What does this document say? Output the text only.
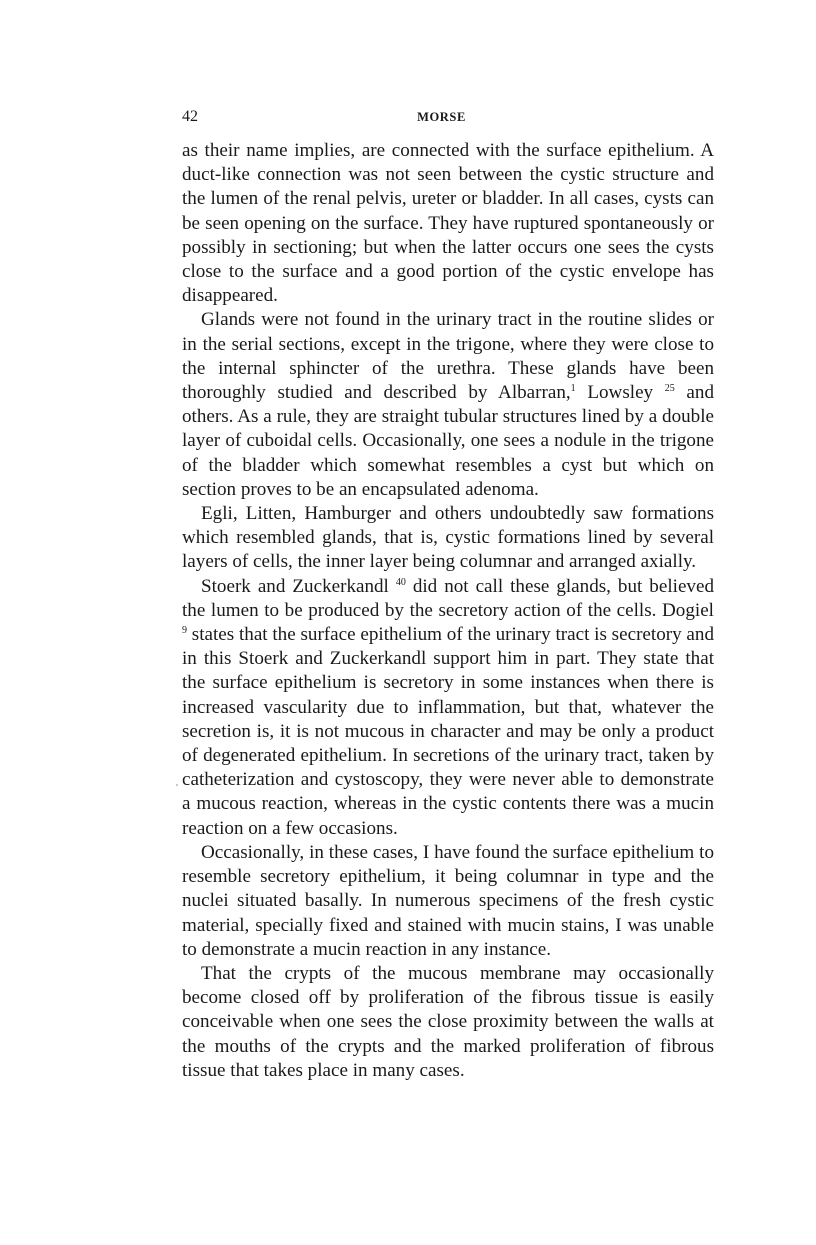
42	MORSE

as their name implies, are connected with the surface epithelium. A duct-like connection was not seen between the cystic structure and the lumen of the renal pelvis, ureter or bladder. In all cases, cysts can be seen opening on the surface. They have ruptured spontaneously or possibly in sectioning; but when the latter occurs one sees the cysts close to the surface and a good portion of the cystic envelope has disappeared.

Glands were not found in the urinary tract in the routine slides or in the serial sections, except in the trigone, where they were close to the internal sphincter of the urethra. These glands have been thoroughly studied and described by Albarran,$^1$ Lowsley $^{25}$ and others. As a rule, they are straight tubular structures lined by a double layer of cuboidal cells. Occasionally, one sees a nodule in the trigone of the bladder which somewhat resembles a cyst but which on section proves to be an encapsulated adenoma.

Egli, Litten, Hamburger and others undoubtedly saw formations which resembled glands, that is, cystic formations lined by several layers of cells, the inner layer being columnar and arranged axially.

Stoerk and Zuckerkandl $^{40}$ did not call these glands, but believed the lumen to be produced by the secretory action of the cells. Dogiel $^9$ states that the surface epithelium of the urinary tract is secretory and in this Stoerk and Zuckerkandl support him in part. They state that the surface epithelium is secretory in some instances when there is increased vascularity due to inflammation, but that, whatever the secretion is, it is not mucous in character and may be only a product of degenerated epithelium. In secretions of the urinary tract, taken by catheterization and cystoscopy, they were never able to demonstrate a mucous reaction, whereas in the cystic contents there was a mucin reaction on a few occasions.

Occasionally, in these cases, I have found the surface epithelium to resemble secretory epithelium, it being columnar in type and the nuclei situated basally. In numerous specimens of the fresh cystic material, specially fixed and stained with mucin stains, I was unable to demonstrate a mucin reaction in any instance.

That the crypts of the mucous membrane may occasionally become closed off by proliferation of the fibrous tissue is easily conceivable when one sees the close proximity between the walls at the mouths of the crypts and the marked proliferation of fibrous tissue that takes place in many cases.
